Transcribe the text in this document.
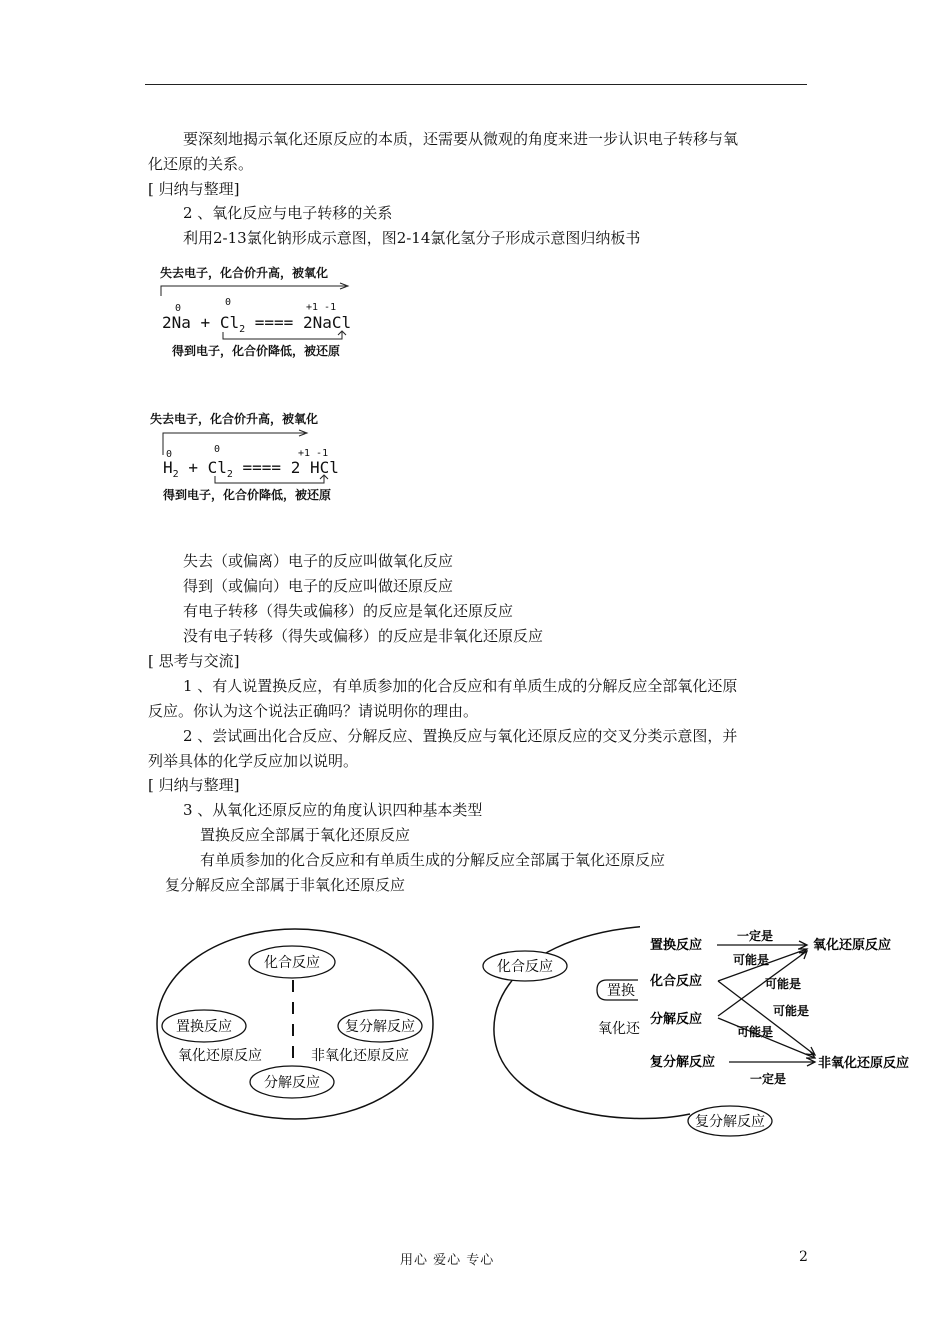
要深刻地揭示氧化还原反应的本质，还需要从微观的角度来进一步认识电子转移与氧
化还原的关系。
[ 归纳与整理]
2 、氧化反应与电子转移的关系
利用2-13氯化钠形成示意图，图2-14氯化氢分子形成示意图归纳板书
失去电子，化合价升高，被氧化
0
0	+1 -1
$2Na + Cl_2$ ==== 2NaCl
得到电子，化合价降低，被还原
失去电子，化合价升高，被氧化
0	0	+1 -1
$H_2 + Cl_2$ ==== 2 HCl
得到电子，化合价降低，被还原
失去（或偏离）电子的反应叫做氧化反应
得到（或偏向）电子的反应叫做还原反应
有电子转移（得失或偏移）的反应是氧化还原反应
没有电子转移（得失或偏移）的反应是非氧化还原反应
[ 思考与交流]
1 、有人说置换反应，有单质参加的化合反应和有单质生成的分解反应全部氧化还原
反应。你认为这个说法正确吗？请说明你的理由。
2 、尝试画出化合反应、分解反应、置换反应与氧化还原反应的交叉分类示意图，并
列举具体的化学反应加以说明。
[ 归纳与整理]
3 、从氧化还原反应的角度认识四种基本类型
置换反应全部属于氧化还原反应
有单质参加的化合反应和有单质生成的分解反应全部属于氧化还原反应
复分解反应全部属于非氧化还原反应
化合反应
置换反应	复分解反应
分解反应
氧化还原反应	非氧化还原反应
化合反应
置换
氧化还
复分解反应
置换反应
化合反应
分解反应
复分解反应
氧化还原反应
非氧化还原反应
一定是
可能是
可能是
可能是
可能是
一定是
用心 爱心 专心	2
